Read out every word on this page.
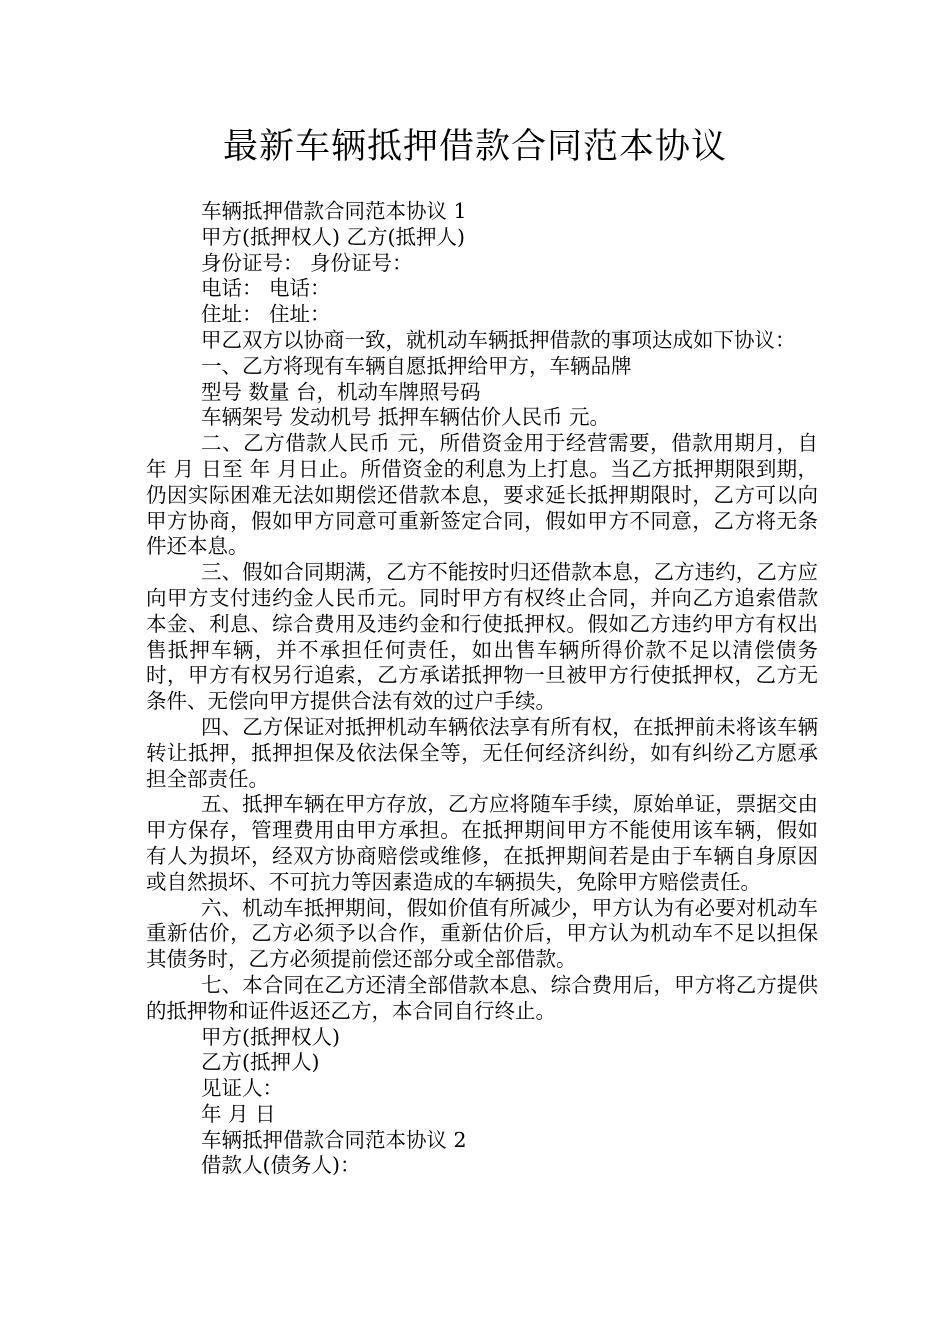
最新车辆抵押借款合同范本协议

车辆抵押借款合同范本协议 1

甲方(抵押权人) 乙方(抵押人)

身份证号： 身份证号：

电话： 电话：

住址： 住址：

甲乙双方以协商一致，就机动车辆抵押借款的事项达成如下协议：

一、乙方将现有车辆自愿抵押给甲方，车辆品牌

型号 数量 台，机动车牌照号码

车辆架号 发动机号 抵押车辆估价人民币 元。

二、乙方借款人民币 元，所借资金用于经营需要，借款用期月，自 年 月 日至 年 月日止。所借资金的利息为上打息。当乙方抵押期限到期，仍因实际困难无法如期偿还借款本息，要求延长抵押期限时，乙方可以向甲方协商，假如甲方同意可重新签定合同，假如甲方不同意，乙方将无条件还本息。

三、假如合同期满，乙方不能按时归还借款本息，乙方违约，乙方应向甲方支付违约金人民币元。同时甲方有权终止合同，并向乙方追索借款本金、利息、综合费用及违约金和行使抵押权。假如乙方违约甲方有权出售抵押车辆，并不承担任何责任，如出售车辆所得价款不足以清偿债务时，甲方有权另行追索，乙方承诺抵押物一旦被甲方行使抵押权，乙方无条件、无偿向甲方提供合法有效的过户手续。

四、乙方保证对抵押机动车辆依法享有所有权，在抵押前未将该车辆转让抵押，抵押担保及依法保全等，无任何经济纠纷，如有纠纷乙方愿承担全部责任。

五、抵押车辆在甲方存放，乙方应将随车手续，原始单证，票据交由甲方保存，管理费用由甲方承担。在抵押期间甲方不能使用该车辆，假如有人为损坏，经双方协商赔偿或维修，在抵押期间若是由于车辆自身原因或自然损坏、不可抗力等因素造成的车辆损失，免除甲方赔偿责任。

六、机动车抵押期间，假如价值有所减少，甲方认为有必要对机动车重新估价，乙方必须予以合作，重新估价后，甲方认为机动车不足以担保其债务时，乙方必须提前偿还部分或全部借款。

七、本合同在乙方还清全部借款本息、综合费用后，甲方将乙方提供的抵押物和证件返还乙方，本合同自行终止。

甲方(抵押权人)

乙方(抵押人)

见证人：

年 月 日

车辆抵押借款合同范本协议 2

借款人(债务人)：
